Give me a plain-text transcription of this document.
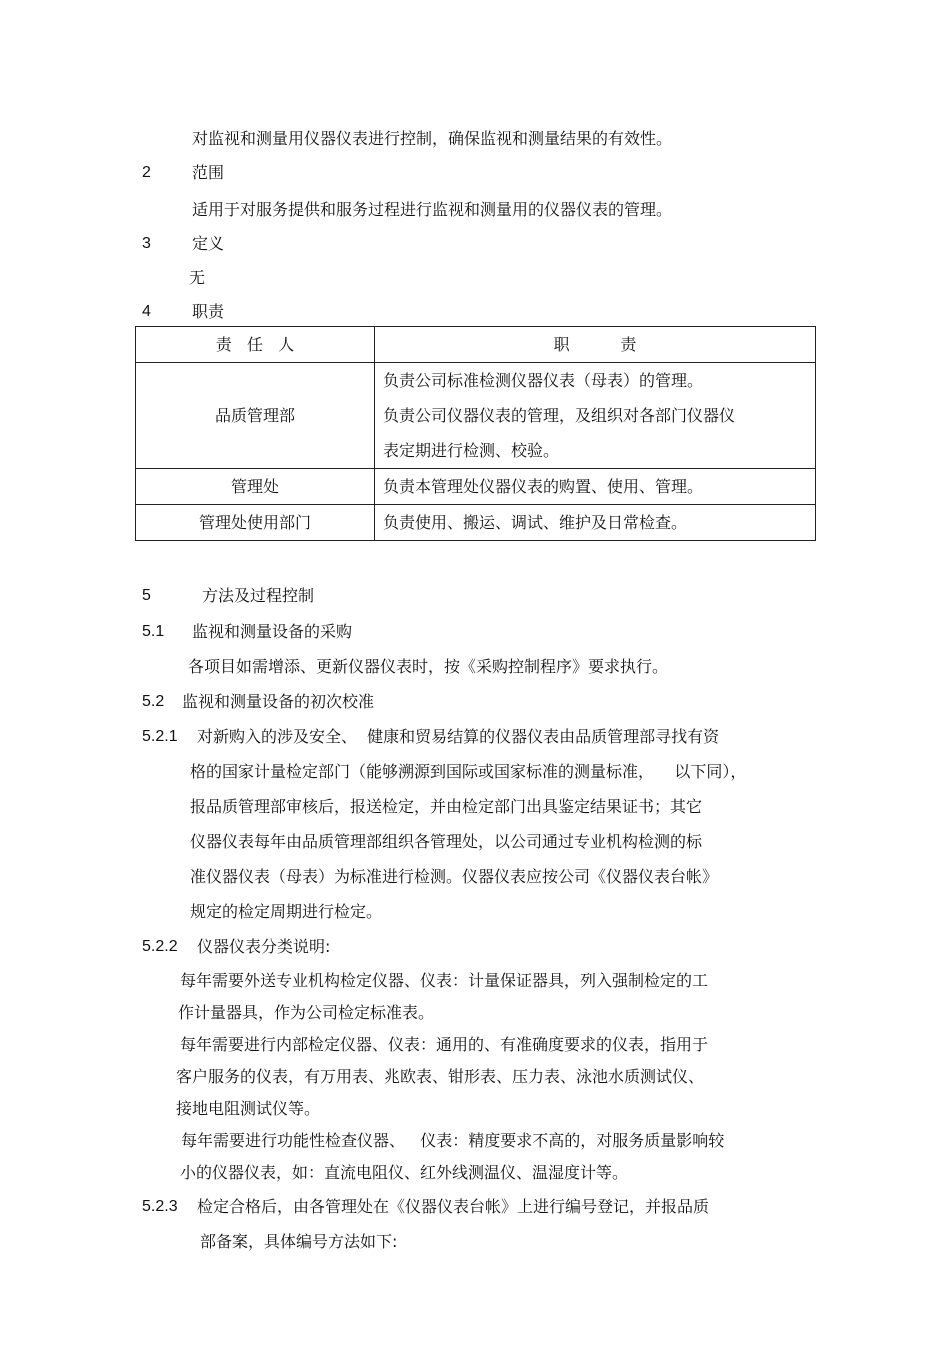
对监视和测量用仪器仪表进行控制，确保监视和测量结果的有效性。
2	范围
适用于对服务提供和服务过程进行监视和测量用的仪器仪表的管理。
3	定义
无
4	职责
责   任   人	职          责
品质管理部	负责公司标准检测仪器仪表（母表）的管理。
负责公司仪器仪表的管理，及组织对各部门仪器仪
表定期进行检测、校验。

管理处	负责本管理处仪器仪表的购置、使用、管理。

管理处使用部门	负责使用、搬运、调试、维护及日常检查。
5	方法及过程控制
5.1 监视和测量设备的采购
各项目如需增添、更新仪器仪表时，按《采购控制程序》要求执行。
5.2 监视和测量设备的初次校准
5.2.1 对新购入的涉及安全、  健康和贸易结算的仪器仪表由品质管理部寻找有资
格的国家计量检定部门（能够溯源到国际或国家标准的测量标准，    以下同），
报品质管理部审核后，报送检定，并由检定部门出具鉴定结果证书；其它
仪器仪表每年由品质管理部组织各管理处，以公司通过专业机构检测的标
准仪器仪表（母表）为标准进行检测。仪器仪表应按公司《仪器仪表台帐》
规定的检定周期进行检定。
5.2.2 仪器仪表分类说明:
每年需要外送专业机构检定仪器、仪表：计量保证器具，列入强制检定的工
作计量器具，作为公司检定标准表。
每年需要进行内部检定仪器、仪表：通用的、有准确度要求的仪表，指用于
客户服务的仪表，有万用表、兆欧表、钳形表、压力表、泳池水质测试仪、
接地电阻测试仪等。
每年需要进行功能性检查仪器、   仪表：精度要求不高的，对服务质量影响较
小的仪器仪表，如：直流电阻仪、红外线测温仪、温湿度计等。
5.2.3 检定合格后，由各管理处在《仪器仪表台帐》上进行编号登记，并报品质
部备案，具体编号方法如下:
